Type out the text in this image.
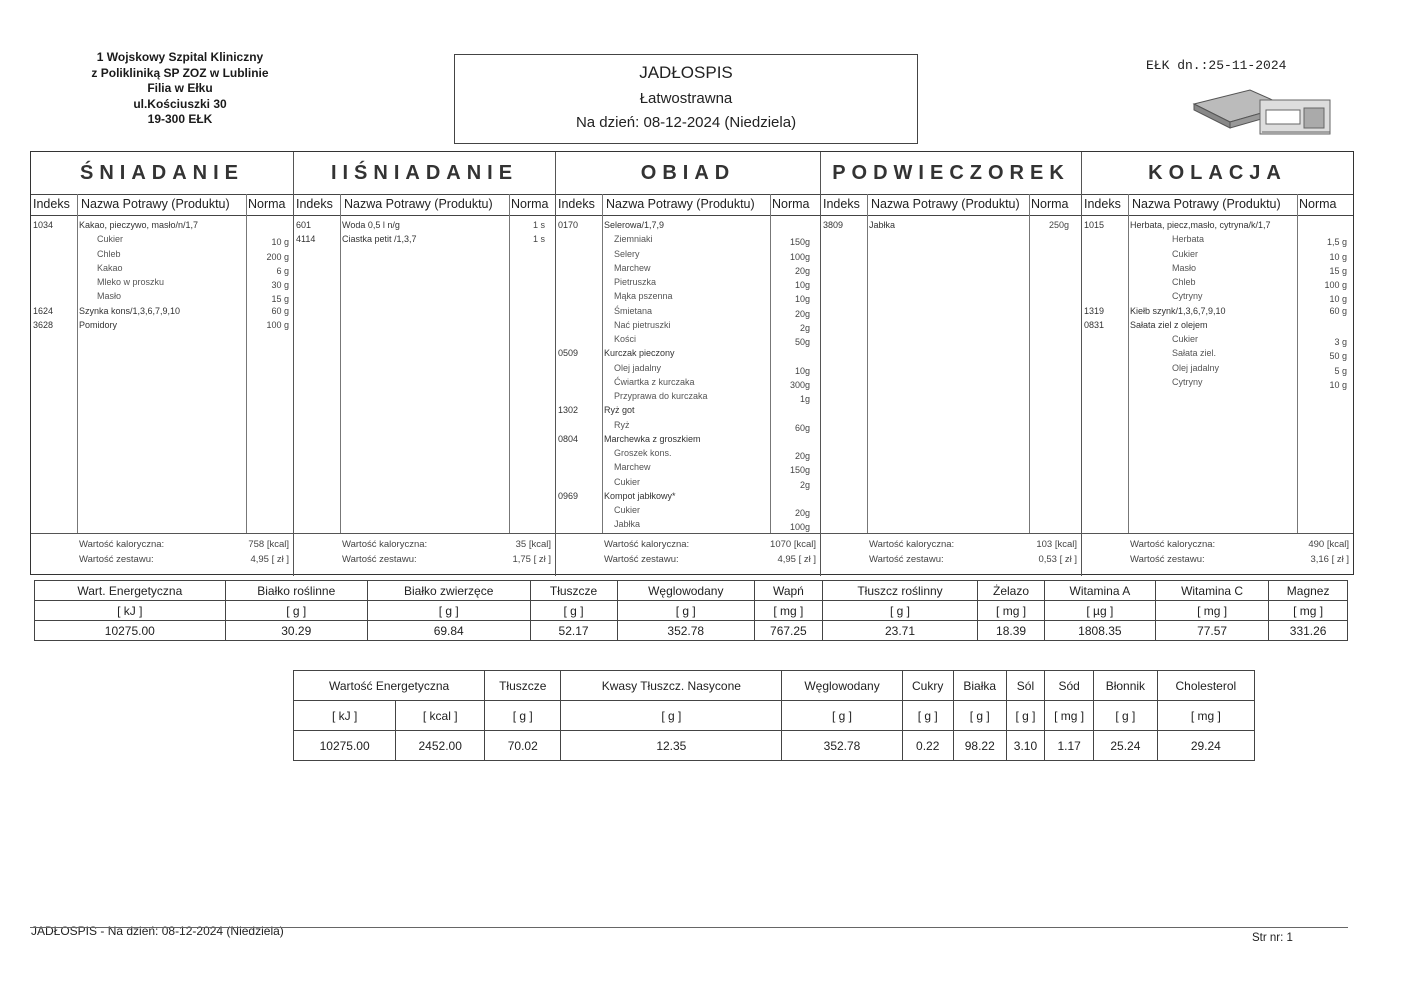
1 Wojskowy Szpital Kliniczny
z Polikliniką SP ZOZ w Lublinie
Filia w Ełku
ul.Kościuszki 30
19-300 EŁK
JADŁOSPIS
Łatwostrawna
Na dzień: 08-12-2024 (Niedziela)
EŁK dn.:25-11-2024
ŚNIADANIE
Indeks Nazwa Potrawy (Produktu) Norma
1034	Kakao, pieczywo, masło/n/1,7
Cukier	10 g
Chleb	200 g
Kakao	6 g
Mleko w proszku	30 g
Masło	15 g
1624	Szynka kons/1,3,6,7,9,10	60 g
3628	Pomidory	100 g
Wartość kaloryczna:	758 [kcal]
Wartość zestawu:	4,95 [ zł ]
IIŚNIADANIE
Indeks Nazwa Potrawy (Produktu) Norma
601	Woda 0,5 l n/g	1 s
4114	Ciastka petit /1,3,7	1 s
Wartość kaloryczna:	35 [kcal]
Wartość zestawu:	1,75 [ zł ]
OBIAD
Indeks Nazwa Potrawy (Produktu) Norma
0170	Selerowa/1,7,9
Ziemniaki	150g
Selery	100g
Marchew	20g
Pietruszka	10g
Mąka pszenna	10g
Śmietana	20g
Nać pietruszki	2g
Kości	50g
0509	Kurczak pieczony
Olej jadalny	10g
Ćwiartka z kurczaka	300g
Przyprawa do kurczaka	1g
1302	Ryż got
Ryż	60g
0804	Marchewka z groszkiem
Groszek kons.	20g
Marchew	150g
Cukier	2g
0969	Kompot jabłkowy*
Cukier	20g
Jabłka	100g
Wartość kaloryczna:	1070 [kcal]
Wartość zestawu:	4,95 [ zł ]
PODWIECZOREK
Indeks Nazwa Potrawy (Produktu) Norma
3809	Jabłka	250g
Wartość kaloryczna:	103 [kcal]
Wartość zestawu:	0,53 [ zł ]
KOLACJA
Indeks Nazwa Potrawy (Produktu) Norma
1015	Herbata, piecz,masło, cytryna/k/1,7
Herbata	1,5 g
Cukier	10 g
Masło	15 g
Chleb	100 g
Cytryny	10 g
1319	Kiełb szynk/1,3,6,7,9,10	60 g
0831	Sałata ziel z olejem
Cukier	3 g
Sałata ziel.	50 g
Olej jadalny	5 g
Cytryny	10 g
Wartość kaloryczna:	490 [kcal]
Wartość zestawu:	3,16 [ zł ]
Wart. Energetyczna	Białko roślinne	Białko zwierzęce	Tłuszcze	Węglowodany	Wapń	Tłuszcz roślinny	Żelazo	Witamina A	Witamina C	Magnez
[ kJ ]	[ g ]	[ g ]	[ g ]	[ g ]	[ mg ]	[ g ]	[ mg ]	[ µg ]	[ mg ]	[ mg ]
10275.00	30.29	69.84	52.17	352.78	767.25	23.71	18.39	1808.35	77.57	331.26
Wartość Energetyczna		Tłuszcze	Kwasy Tłuszcz. Nasycone	Węglowodany	Cukry	Białka	Sól	Sód	Błonnik	Cholesterol
[ kJ ]	[ kcal ]	[ g ]	[ g ]	[ g ]	[ g ]	[ g ]	[ g ]	[ mg ]	[ g ]	[ mg ]
10275.00	2452.00	70.02	12.35	352.78	0.22	98.22	3.10	1.17	25.24	29.24
JADŁOSPIS - Na dzień: 08-12-2024 (Niedziela)	Str nr: 1
